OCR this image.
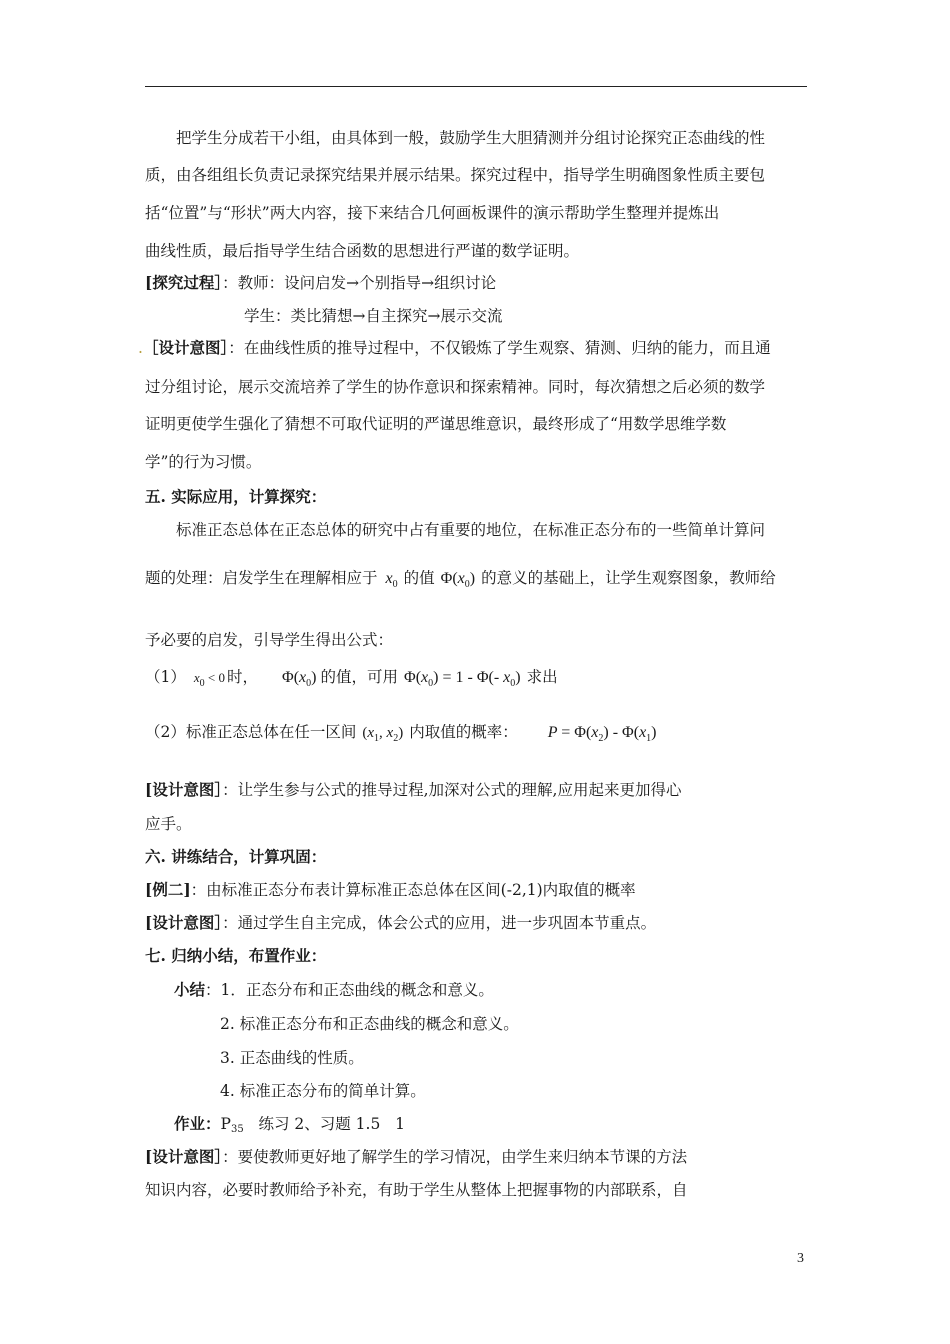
把学生分成若干小组，由具体到一般，鼓励学生大胆猜测并分组讨论探究正态曲线的性
质，由各组组长负责记录探究结果并展示结果。探究过程中，指导学生明确图象性质主要包
括“位置”与“形状”两大内容，接下来结合几何画板课件的演示帮助学生整理并提炼出
曲线性质，最后指导学生结合函数的思想进行严谨的数学证明。
[探究过程］：教师：设问启发→个别指导→组织讨论
学生：类比猜想→自主探究→展示交流
.［设计意图］：在曲线性质的推导过程中，不仅锻炼了学生观察、猜测、归纳的能力，而且通
过分组讨论，展示交流培养了学生的协作意识和探索精神。同时，每次猜想之后必须的数学
证明更使学生强化了猜想不可取代证明的严谨思维意识，最终形成了“用数学思维学数
学”的行为习惯。
五. 实际应用，计算探究：
标准正态总体在正态总体的研究中占有重要的地位，在标准正态分布的一些简单计算问
题的处理：启发学生在理解相应于 $x_0$ 的值 $\Phi(x_0)$ 的意义的基础上，让学生观察图象，教师给
予必要的启发，引导学生得出公式：
（1） $x_0 < 0$ 时， $\Phi(x_0)$ 的值，可用 $\Phi(x_0) = 1 - \Phi(-$ $x_0$) 求出
（2）标准正态总体在任一区间 ($x_1$, $x_2$) 内取值的概率： $P = \Phi(x_2) - \Phi(x_1)$
[设计意图］：让学生参与公式的推导过程,加深对公式的理解,应用起来更加得心
应手。
六. 讲练结合，计算巩固：
[例二]：由标准正态分布表计算标准正态总体在区间(-2,1)内取值的概率
[设计意图］：通过学生自主完成，体会公式的应用，进一步巩固本节重点。
七. 归纳小结，布置作业：
小结：1．正态分布和正态曲线的概念和意义。
2. 标准正态分布和正态曲线的概念和意义。
3. 正态曲线的性质。
4. 标准正态分布的简单计算。
作业：P35   练习 2、习题 1.5   1
[设计意图］：要使教师更好地了解学生的学习情况，由学生来归纳本节课的方法
知识内容，必要时教师给予补充，有助于学生从整体上把握事物的内部联系，自
3
